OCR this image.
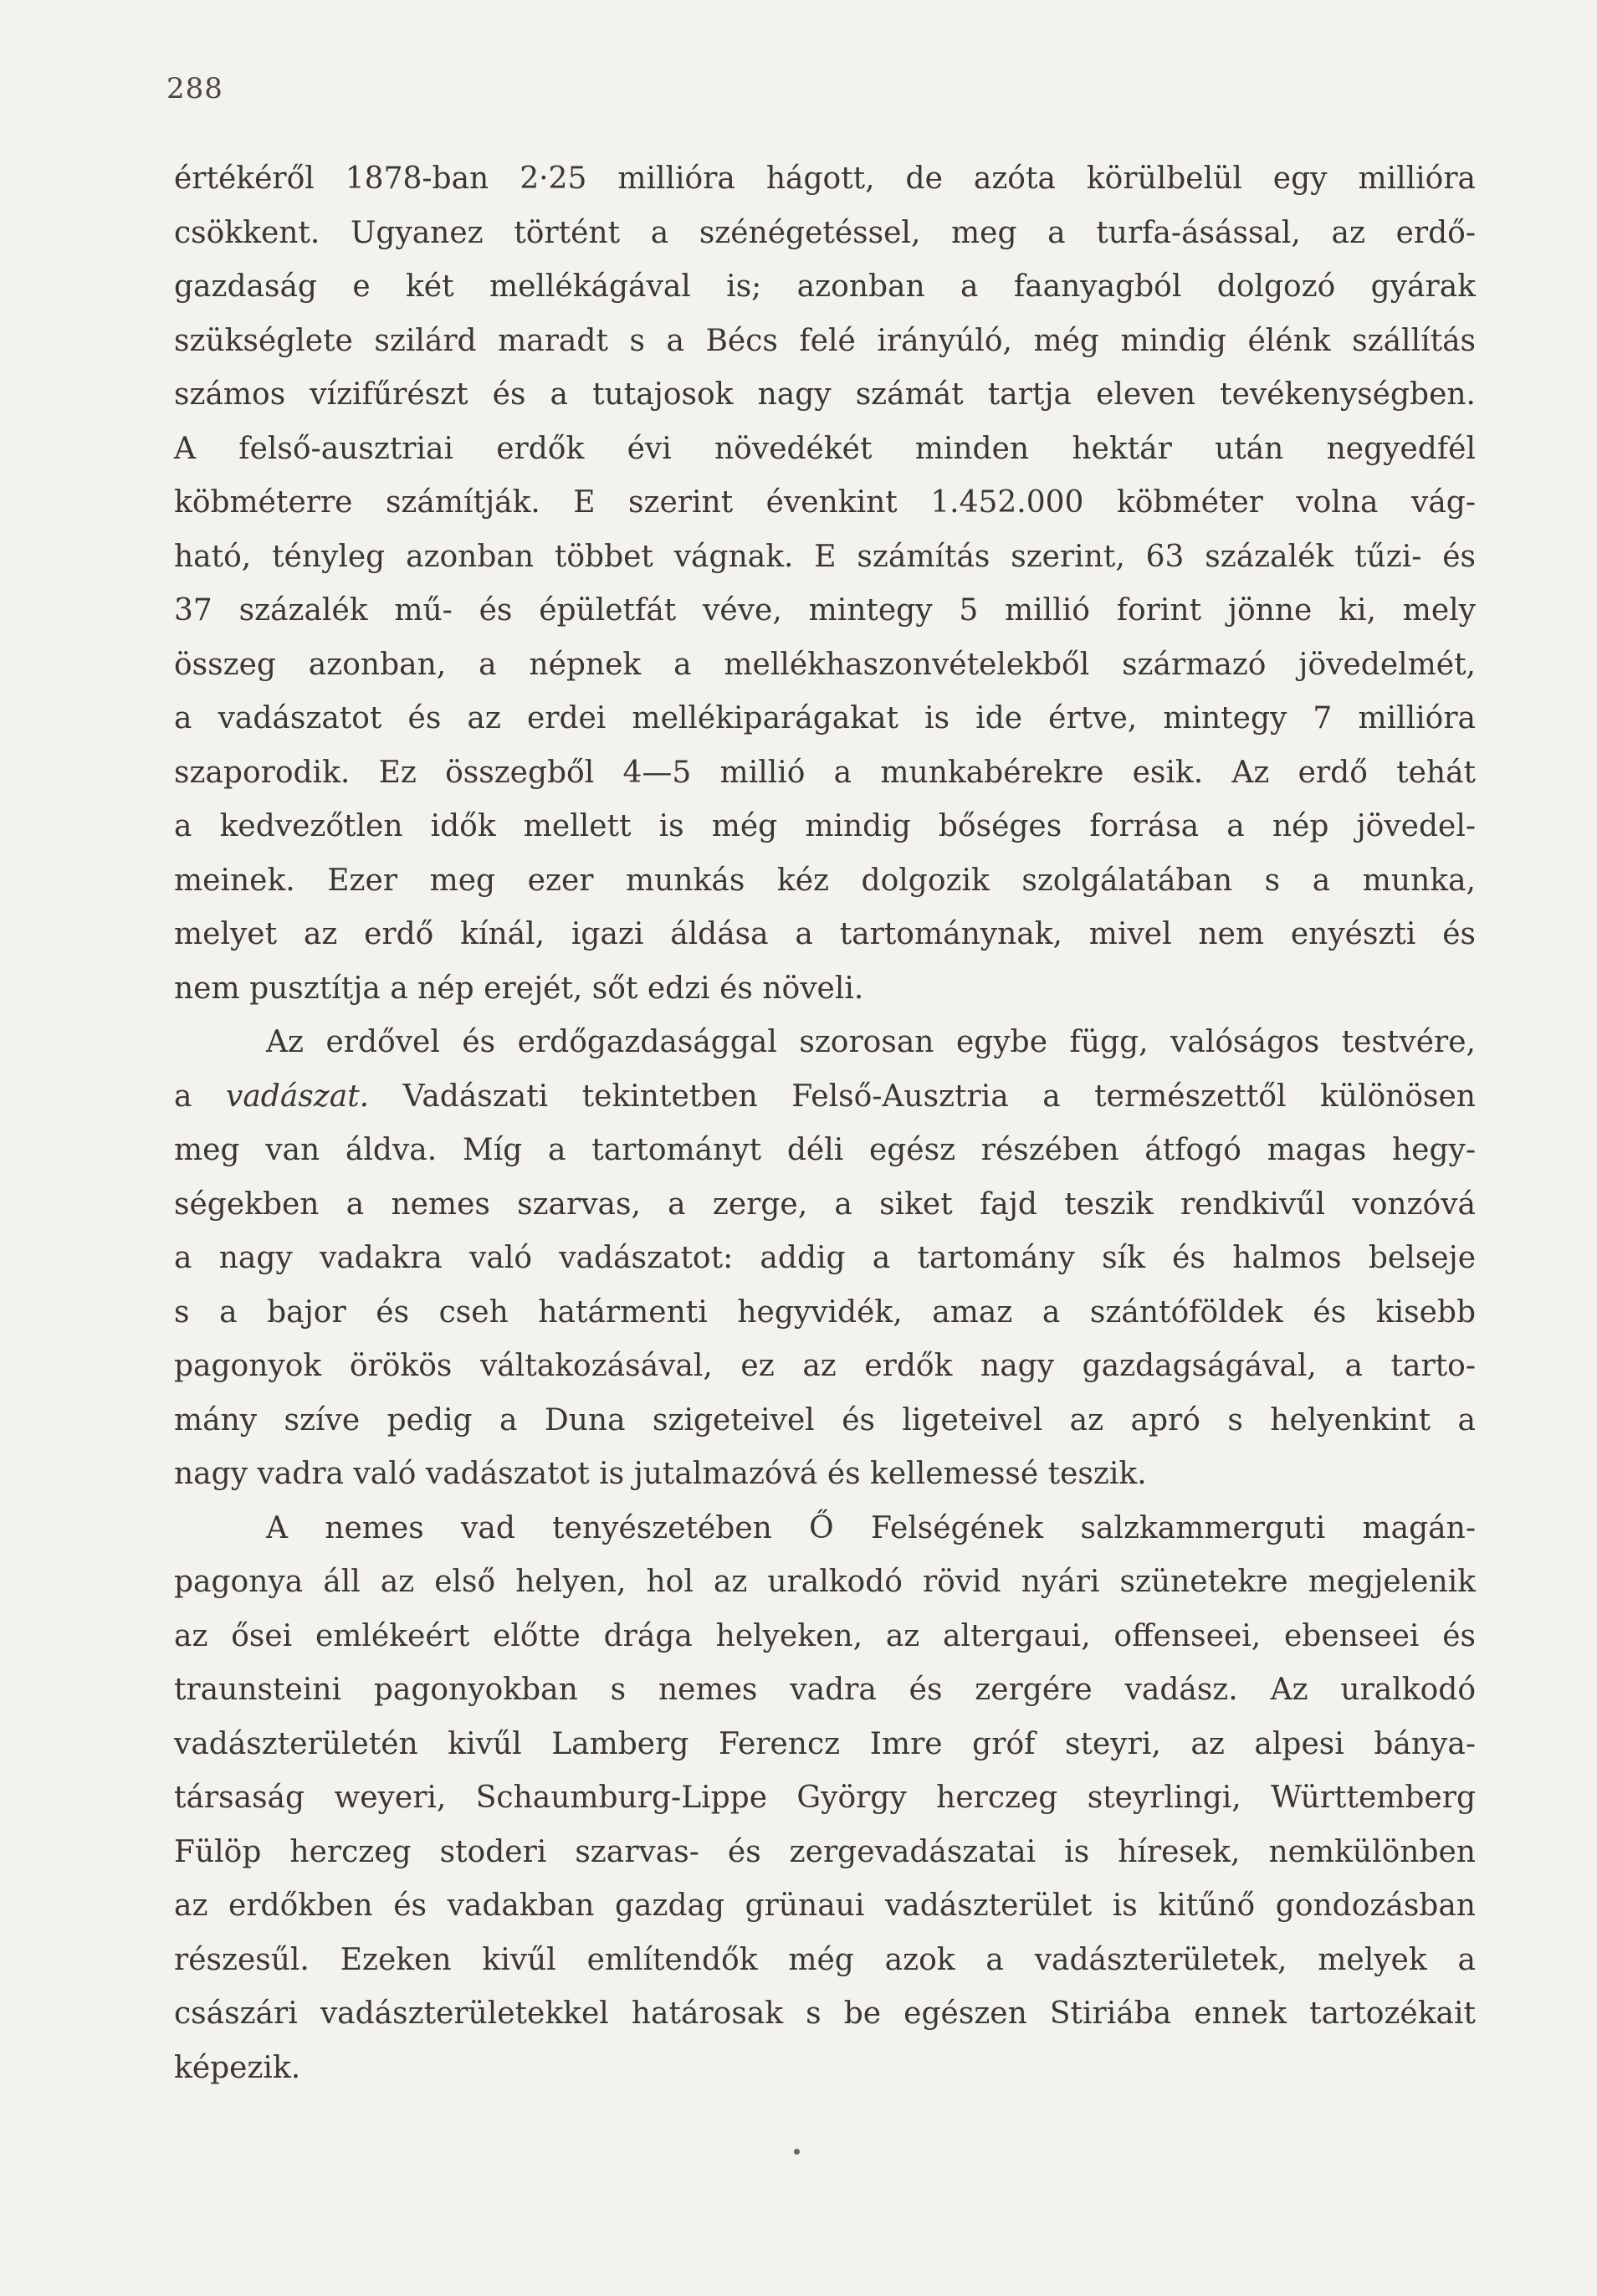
288
értékéről 1878-ban 2·25 millióra hágott, de azóta körülbelül egy millióra
csökkent. Ugyanez történt a szénégetéssel, meg a turfa-ásással, az erdő-
gazdaság e két mellékágával is; azonban a faanyagból dolgozó gyárak
szükséglete szilárd maradt s a Bécs felé irányúló, még mindig élénk szállítás
számos vízifűrészt és a tutajosok nagy számát tartja eleven tevékenységben.
A felső-ausztriai erdők évi növedékét minden hektár után negyedfél
köbméterre számítják. E szerint évenkint 1.452.000 köbméter volna vág-
ható, tényleg azonban többet vágnak. E számítás szerint, 63 százalék tűzi- és
37 százalék mű- és épületfát véve, mintegy 5 millió forint jönne ki, mely
összeg azonban, a népnek a mellékhaszonvételekből származó jövedelmét,
a vadászatot és az erdei mellékiparágakat is ide értve, mintegy 7 millióra
szaporodik. Ez összegből 4—5 millió a munkabérekre esik. Az erdő tehát
a kedvezőtlen idők mellett is még mindig bőséges forrása a nép jövedel-
meinek. Ezer meg ezer munkás kéz dolgozik szolgálatában s a munka,
melyet az erdő kínál, igazi áldása a tartománynak, mivel nem enyészti és
nem pusztítja a nép erejét, sőt edzi és növeli.
Az erdővel és erdőgazdasággal szorosan egybe függ, valóságos testvére,
a vadászat. Vadászati tekintetben Felső-Ausztria a természettől különösen
meg van áldva. Míg a tartományt déli egész részében átfogó magas hegy-
ségekben a nemes szarvas, a zerge, a siket fajd teszik rendkivűl vonzóvá
a nagy vadakra való vadászatot: addig a tartomány sík és halmos belseje
s a bajor és cseh határmenti hegyvidék, amaz a szántóföldek és kisebb
pagonyok örökös váltakozásával, ez az erdők nagy gazdagságával, a tarto-
mány szíve pedig a Duna szigeteivel és ligeteivel az apró s helyenkint a
nagy vadra való vadászatot is jutalmazóvá és kellemessé teszik.
A nemes vad tenyészetében Ő Felségének salzkammerguti magán-
pagonya áll az első helyen, hol az uralkodó rövid nyári szünetekre megjelenik
az ősei emlékeért előtte drága helyeken, az altergaui, offenseei, ebenseei és
traunsteini pagonyokban s nemes vadra és zergére vadász. Az uralkodó
vadászterületén kivűl Lamberg Ferencz Imre gróf steyri, az alpesi bánya-
társaság weyeri, Schaumburg-Lippe György herczeg steyrlingi, Württemberg
Fülöp herczeg stoderi szarvas- és zergevadászatai is híresek, nemkülönben
az erdőkben és vadakban gazdag grünaui vadászterület is kitűnő gondozásban
részesűl. Ezeken kivűl említendők még azok a vadászterületek, melyek a
császári vadászterületekkel határosak s be egészen Stiriába ennek tartozékait
képezik.
